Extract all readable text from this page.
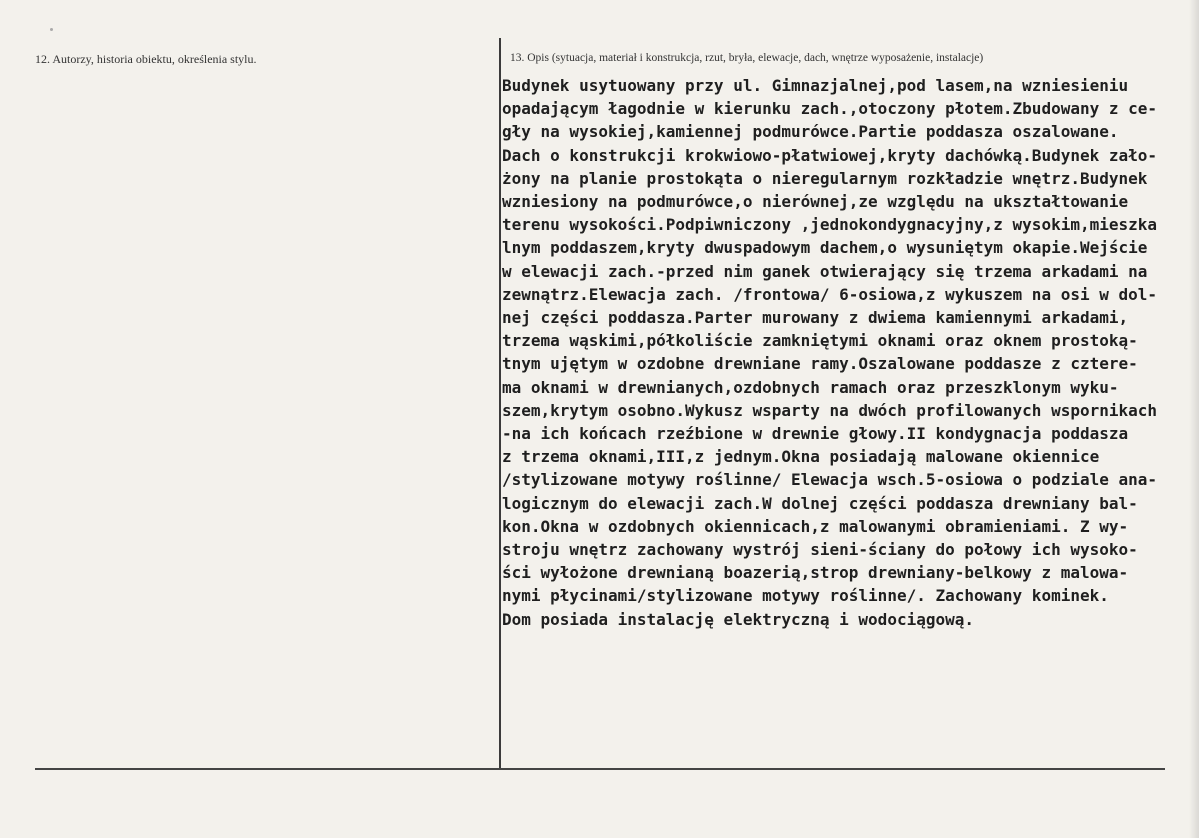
12. Autorzy, historia obiektu, określenia stylu.	13. Opis (sytuacja, materiał i konstrukcja, rzut, bryła, elewacje, dach, wnętrze wyposażenie, instalacje)
Budynek usytuowany przy ul. Gimnazjalnej,pod lasem,na wzniesieniu
opadającym łagodnie w kierunku zach.,otoczony płotem.Zbudowany z ce-
gły na wysokiej,kamiennej podmurówce.Partie poddasza oszalowane.
Dach o konstrukcji krokwiowo-płatwiowej,kryty dachówką.Budynek zało-
żony na planie prostokąta o nieregularnym rozkładzie wnętrz.Budynek
wzniesiony na podmurówce,o nierównej,ze względu na ukształtowanie
terenu wysokości.Podpiwniczony ,jednokondygnacyjny,z wysokim,mieszka
lnym poddaszem,kryty dwuspadowym dachem,o wysuniętym okapie.Wejście
w elewacji zach.-przed nim ganek otwierający się trzema arkadami na
zewnątrz.Elewacja zach. /frontowa/ 6-osiowa,z wykuszem na osi w dol-
nej części poddasza.Parter murowany z dwiema kamiennymi arkadami,
trzema wąskimi,półkoliście zamkniętymi oknami oraz oknem prostoką-
tnym ujętym w ozdobne drewniane ramy.Oszalowane poddasze z cztere-
ma oknami w drewnianych,ozdobnych ramach oraz przeszklonym wyku-
szem,krytym osobno.Wykusz wsparty na dwóch profilowanych wspornikach
-na ich końcach rzeźbione w drewnie głowy.II kondygnacja poddasza
z trzema oknami,III,z jednym.Okna posiadają malowane okiennice
/stylizowane motywy roślinne/ Elewacja wsch.5-osiowa o podziale ana-
logicznym do elewacji zach.W dolnej części poddasza drewniany bal-
kon.Okna w ozdobnych okiennicach,z malowanymi obramieniami. Z wy-
stroju wnętrz zachowany wystrój sieni-ściany do połowy ich wysoko-
ści wyłożone drewnianą boazerią,strop drewniany-belkowy z malowa-
nymi płycinami/stylizowane motywy roślinne/. Zachowany kominek.
Dom posiada instalację elektryczną i wodociągową.
